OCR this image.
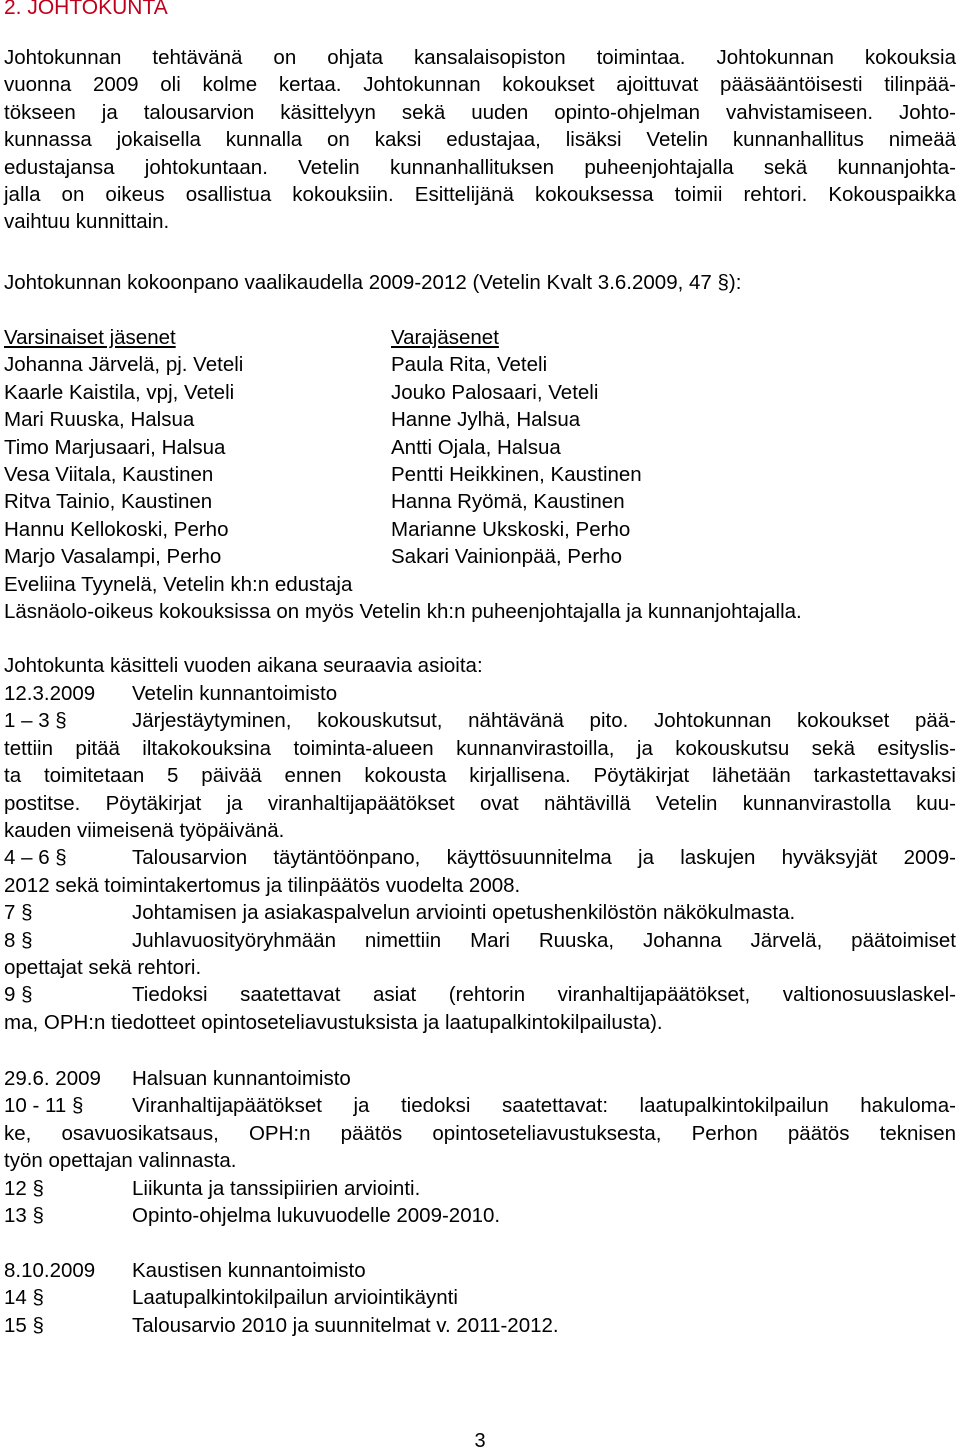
2. JOHTOKUNTA
Johtokunnan tehtävänä on ohjata kansalaisopiston toimintaa. Johtokunnan kokouksia
vuonna 2009 oli kolme kertaa. Johtokunnan kokoukset ajoittuvat pääsääntöisesti tilinpää-
tökseen ja talousarvion käsittelyyn sekä uuden opinto-ohjelman vahvistamiseen. Johto-
kunnassa jokaisella kunnalla on kaksi edustajaa, lisäksi Vetelin kunnanhallitus nimeää
edustajansa johtokuntaan. Vetelin kunnanhallituksen puheenjohtajalla sekä kunnanjohta-
jalla on oikeus osallistua kokouksiin. Esittelijänä kokouksessa toimii rehtori. Kokouspaikka
vaihtuu kunnittain.
Johtokunnan kokoonpano vaalikaudella 2009-2012 (Vetelin Kvalt 3.6.2009, 47 §):
Varsinaiset jäsenet	Varajäsenet
Johanna Järvelä, pj. Veteli	Paula Rita, Veteli
Kaarle Kaistila, vpj, Veteli	Jouko Palosaari, Veteli
Mari Ruuska, Halsua	Hanne Jylhä, Halsua
Timo Marjusaari, Halsua	Antti Ojala, Halsua
Vesa Viitala, Kaustinen	Pentti Heikkinen, Kaustinen
Ritva Tainio, Kaustinen	Hanna Ryömä, Kaustinen
Hannu Kellokoski, Perho	Marianne Ukskoski, Perho
Marjo Vasalampi, Perho	Sakari Vainionpää, Perho
Eveliina Tyynelä, Vetelin kh:n edustaja
Läsnäolo-oikeus kokouksissa on myös Vetelin kh:n puheenjohtajalla ja kunnanjohtajalla.
Johtokunta käsitteli vuoden aikana seuraavia asioita:
12.3.2009 Vetelin kunnantoimisto
1 – 3 §	Järjestäytyminen, kokouskutsut, nähtävänä pito. Johtokunnan kokoukset pää-
tettiin pitää iltakokouksina toiminta-alueen kunnanvirastoilla, ja kokouskutsu sekä esityslis-
ta toimitetaan 5 päivää ennen kokousta kirjallisena. Pöytäkirjat lähetään tarkastettavaksi
postitse. Pöytäkirjat ja viranhaltijapäätökset ovat nähtävillä Vetelin kunnanvirastolla kuu-
kauden viimeisenä työpäivänä.
4 – 6 §	Talousarvion täytäntöönpano, käyttösuunnitelma ja laskujen hyväksyjät 2009-
2012 sekä toimintakertomus ja tilinpäätös vuodelta 2008.
7 §	Johtamisen ja asiakaspalvelun arviointi opetushenkilöstön näkökulmasta.
8 §	Juhlavuosityöryhmään nimettiin Mari Ruuska, Johanna Järvelä, päätoimiset
opettajat sekä rehtori.
9 §	Tiedoksi saatettavat asiat (rehtorin viranhaltijapäätökset, valtionosuuslaskel-
ma, OPH:n tiedotteet opintoseteliavustuksista ja laatupalkintokilpailusta).
29.6. 2009 Halsuan kunnantoimisto
10 - 11 § Viranhaltijapäätökset ja tiedoksi saatettavat: laatupalkintokilpailun hakuloma-
ke, osavuosikatsaus, OPH:n päätös opintoseteliavustuksesta, Perhon päätös teknisen
työn opettajan valinnasta.
12 §	Liikunta ja tanssipiirien arviointi.
13 §	Opinto-ohjelma lukuvuodelle 2009-2010.
8.10.2009 Kaustisen kunnantoimisto
14 §	Laatupalkintokilpailun arviointikäynti
15 §	Talousarvio 2010 ja suunnitelmat v. 2011-2012.
3
